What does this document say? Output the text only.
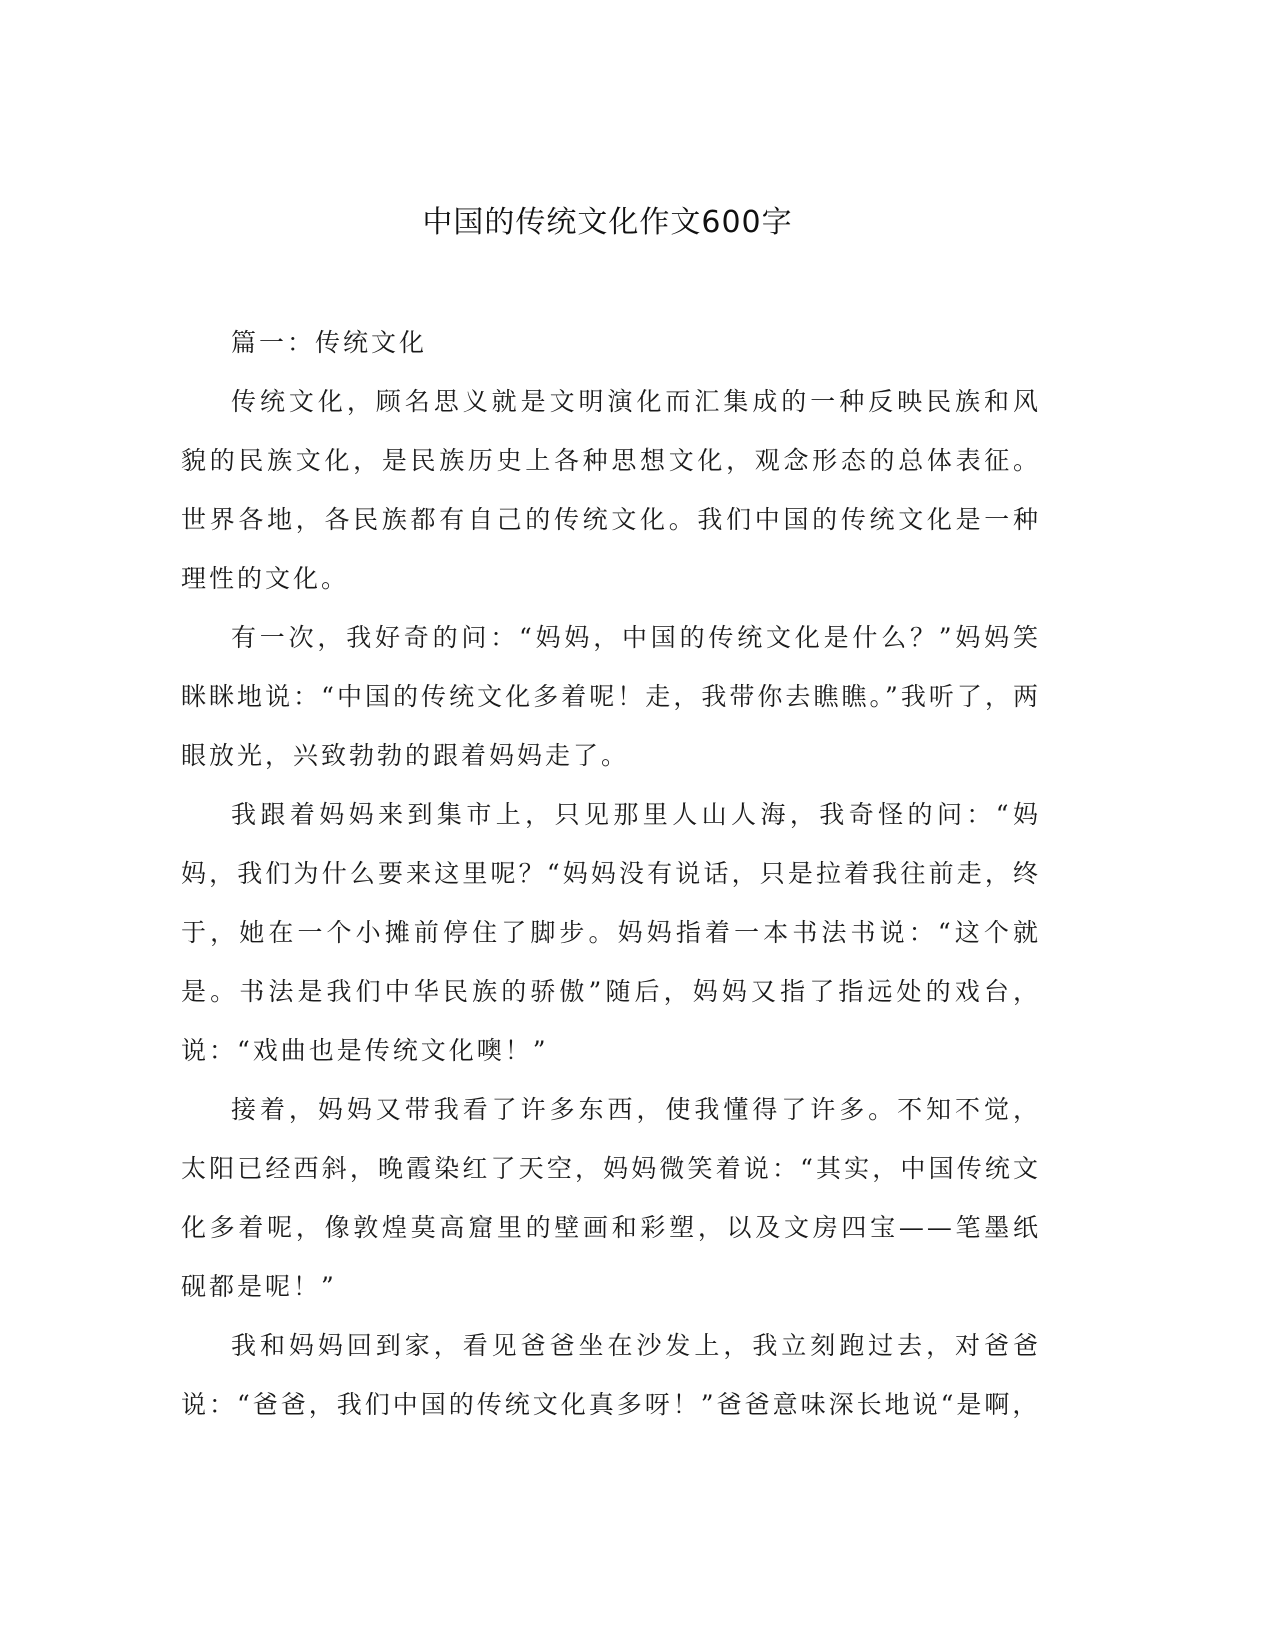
中国的传统文化作文600字

篇一：传统文化

传统文化，顾名思义就是文明演化而汇集成的一种反映民族和风貌的民族文化，是民族历史上各种思想文化，观念形态的总体表征。世界各地，各民族都有自己的传统文化。我们中国的传统文化是一种理性的文化。

有一次，我好奇的问：“妈妈，中国的传统文化是什么？”妈妈笑眯眯地说：“中国的传统文化多着呢！走，我带你去瞧瞧。”我听了，两眼放光，兴致勃勃的跟着妈妈走了。

我跟着妈妈来到集市上，只见那里人山人海，我奇怪的问：“妈妈，我们为什么要来这里呢？“妈妈没有说话，只是拉着我往前走，终于，她在一个小摊前停住了脚步。妈妈指着一本书法书说：“这个就是。书法是我们中华民族的骄傲”随后，妈妈又指了指远处的戏台，说：“戏曲也是传统文化噢！”

接着，妈妈又带我看了许多东西，使我懂得了许多。不知不觉，太阳已经西斜，晚霞染红了天空，妈妈微笑着说：“其实，中国传统文化多着呢，像敦煌莫高窟里的壁画和彩塑，以及文房四宝——笔墨纸砚都是呢！”

我和妈妈回到家，看见爸爸坐在沙发上，我立刻跑过去，对爸爸说：“爸爸，我们中国的传统文化真多呀！”爸爸意味深长地说“是啊，
